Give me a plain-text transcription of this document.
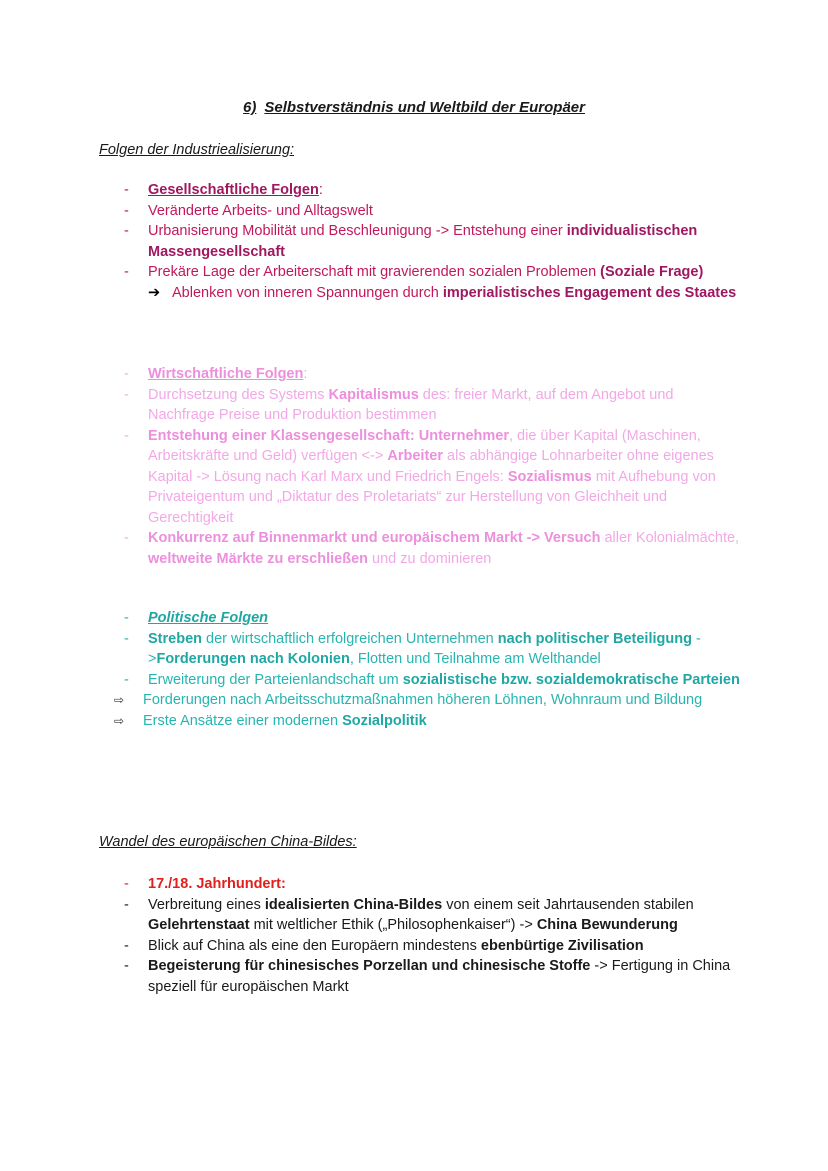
6) Selbstverständnis und Weltbild der Europäer
Folgen der Industriealisierung:
- Gesellschaftliche Folgen:
- Veränderte Arbeits- und Alltagswelt
- Urbanisierung Mobilität und Beschleunigung -> Entstehung einer individualistischen Massengesellschaft
- Prekäre Lage der Arbeiterschaft mit gravierenden sozialen Problemen (Soziale Frage)
➔ Ablenken von inneren Spannungen durch imperialistisches Engagement des Staates
- Wirtschaftliche Folgen:
- Durchsetzung des Systems Kapitalismus des: freier Markt, auf dem Angebot und Nachfrage Preise und Produktion bestimmen
- Entstehung einer Klassengesellschaft: Unternehmer, die über Kapital (Maschinen, Arbeitskräfte und Geld) verfügen <-> Arbeiter als abhängige Lohnarbeiter ohne eigenes Kapital -> Lösung nach Karl Marx und Friedrich Engels: Sozialismus mit Aufhebung von Privateigentum und „Diktatur des Proletariats“ zur Herstellung von Gleichheit und Gerechtigkeit
- Konkurrenz auf Binnenmarkt und europäischem Markt -> Versuch aller Kolonialmächte, weltweite Märkte zu erschließen und zu dominieren
- Politische Folgen
- Streben der wirtschaftlich erfolgreichen Unternehmen nach politischer Beteiligung ->Forderungen nach Kolonien, Flotten und Teilnahme am Welthandel
- Erweiterung der Parteienlandschaft um sozialistische bzw. sozialdemokratische Parteien
⇨ Forderungen nach Arbeitsschutzmaßnahmen höheren Löhnen, Wohnraum und Bildung
⇨ Erste Ansätze einer modernen Sozialpolitik
Wandel des europäischen China-Bildes:
- 17./18. Jahrhundert:
- Verbreitung eines idealisierten China-Bildes von einem seit Jahrtausenden stabilen Gelehrtenstaat mit weltlicher Ethik („Philosophenkaiser“) -> China Bewunderung
- Blick auf China als eine den Europäern mindestens ebenbürtige Zivilisation
- Begeisterung für chinesisches Porzellan und chinesische Stoffe -> Fertigung in China speziell für europäischen Markt
